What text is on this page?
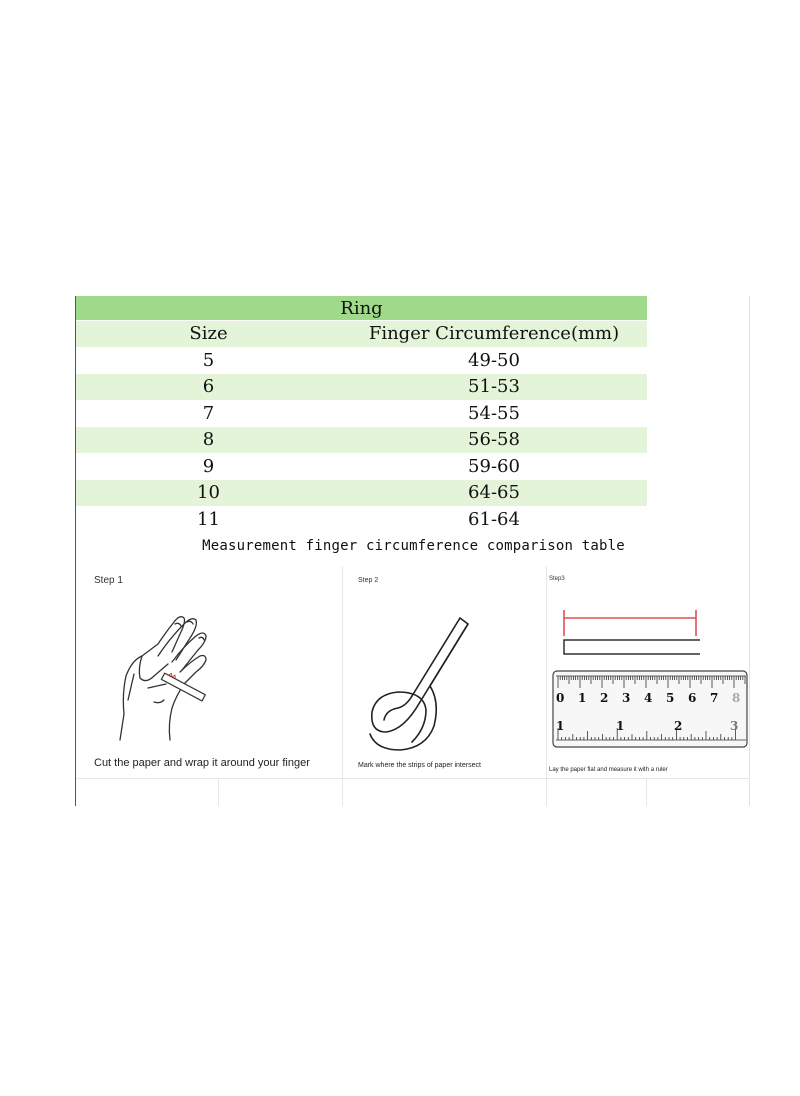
Ring	
Size	Finger Circumference(mm)
5	49-50
6	51-53
7	54-55
8	56-58
9	59-60
10	64-65
11	61-64
Measurement finger circumference comparison table
Step 1
Cut the paper and wrap it around your finger
Step 2
Mark where the strips of paper intersect
Step3
0 1 2 3 4 5 6 7 8
1	1	2	3
Lay the paper flat and measure it with a ruler
